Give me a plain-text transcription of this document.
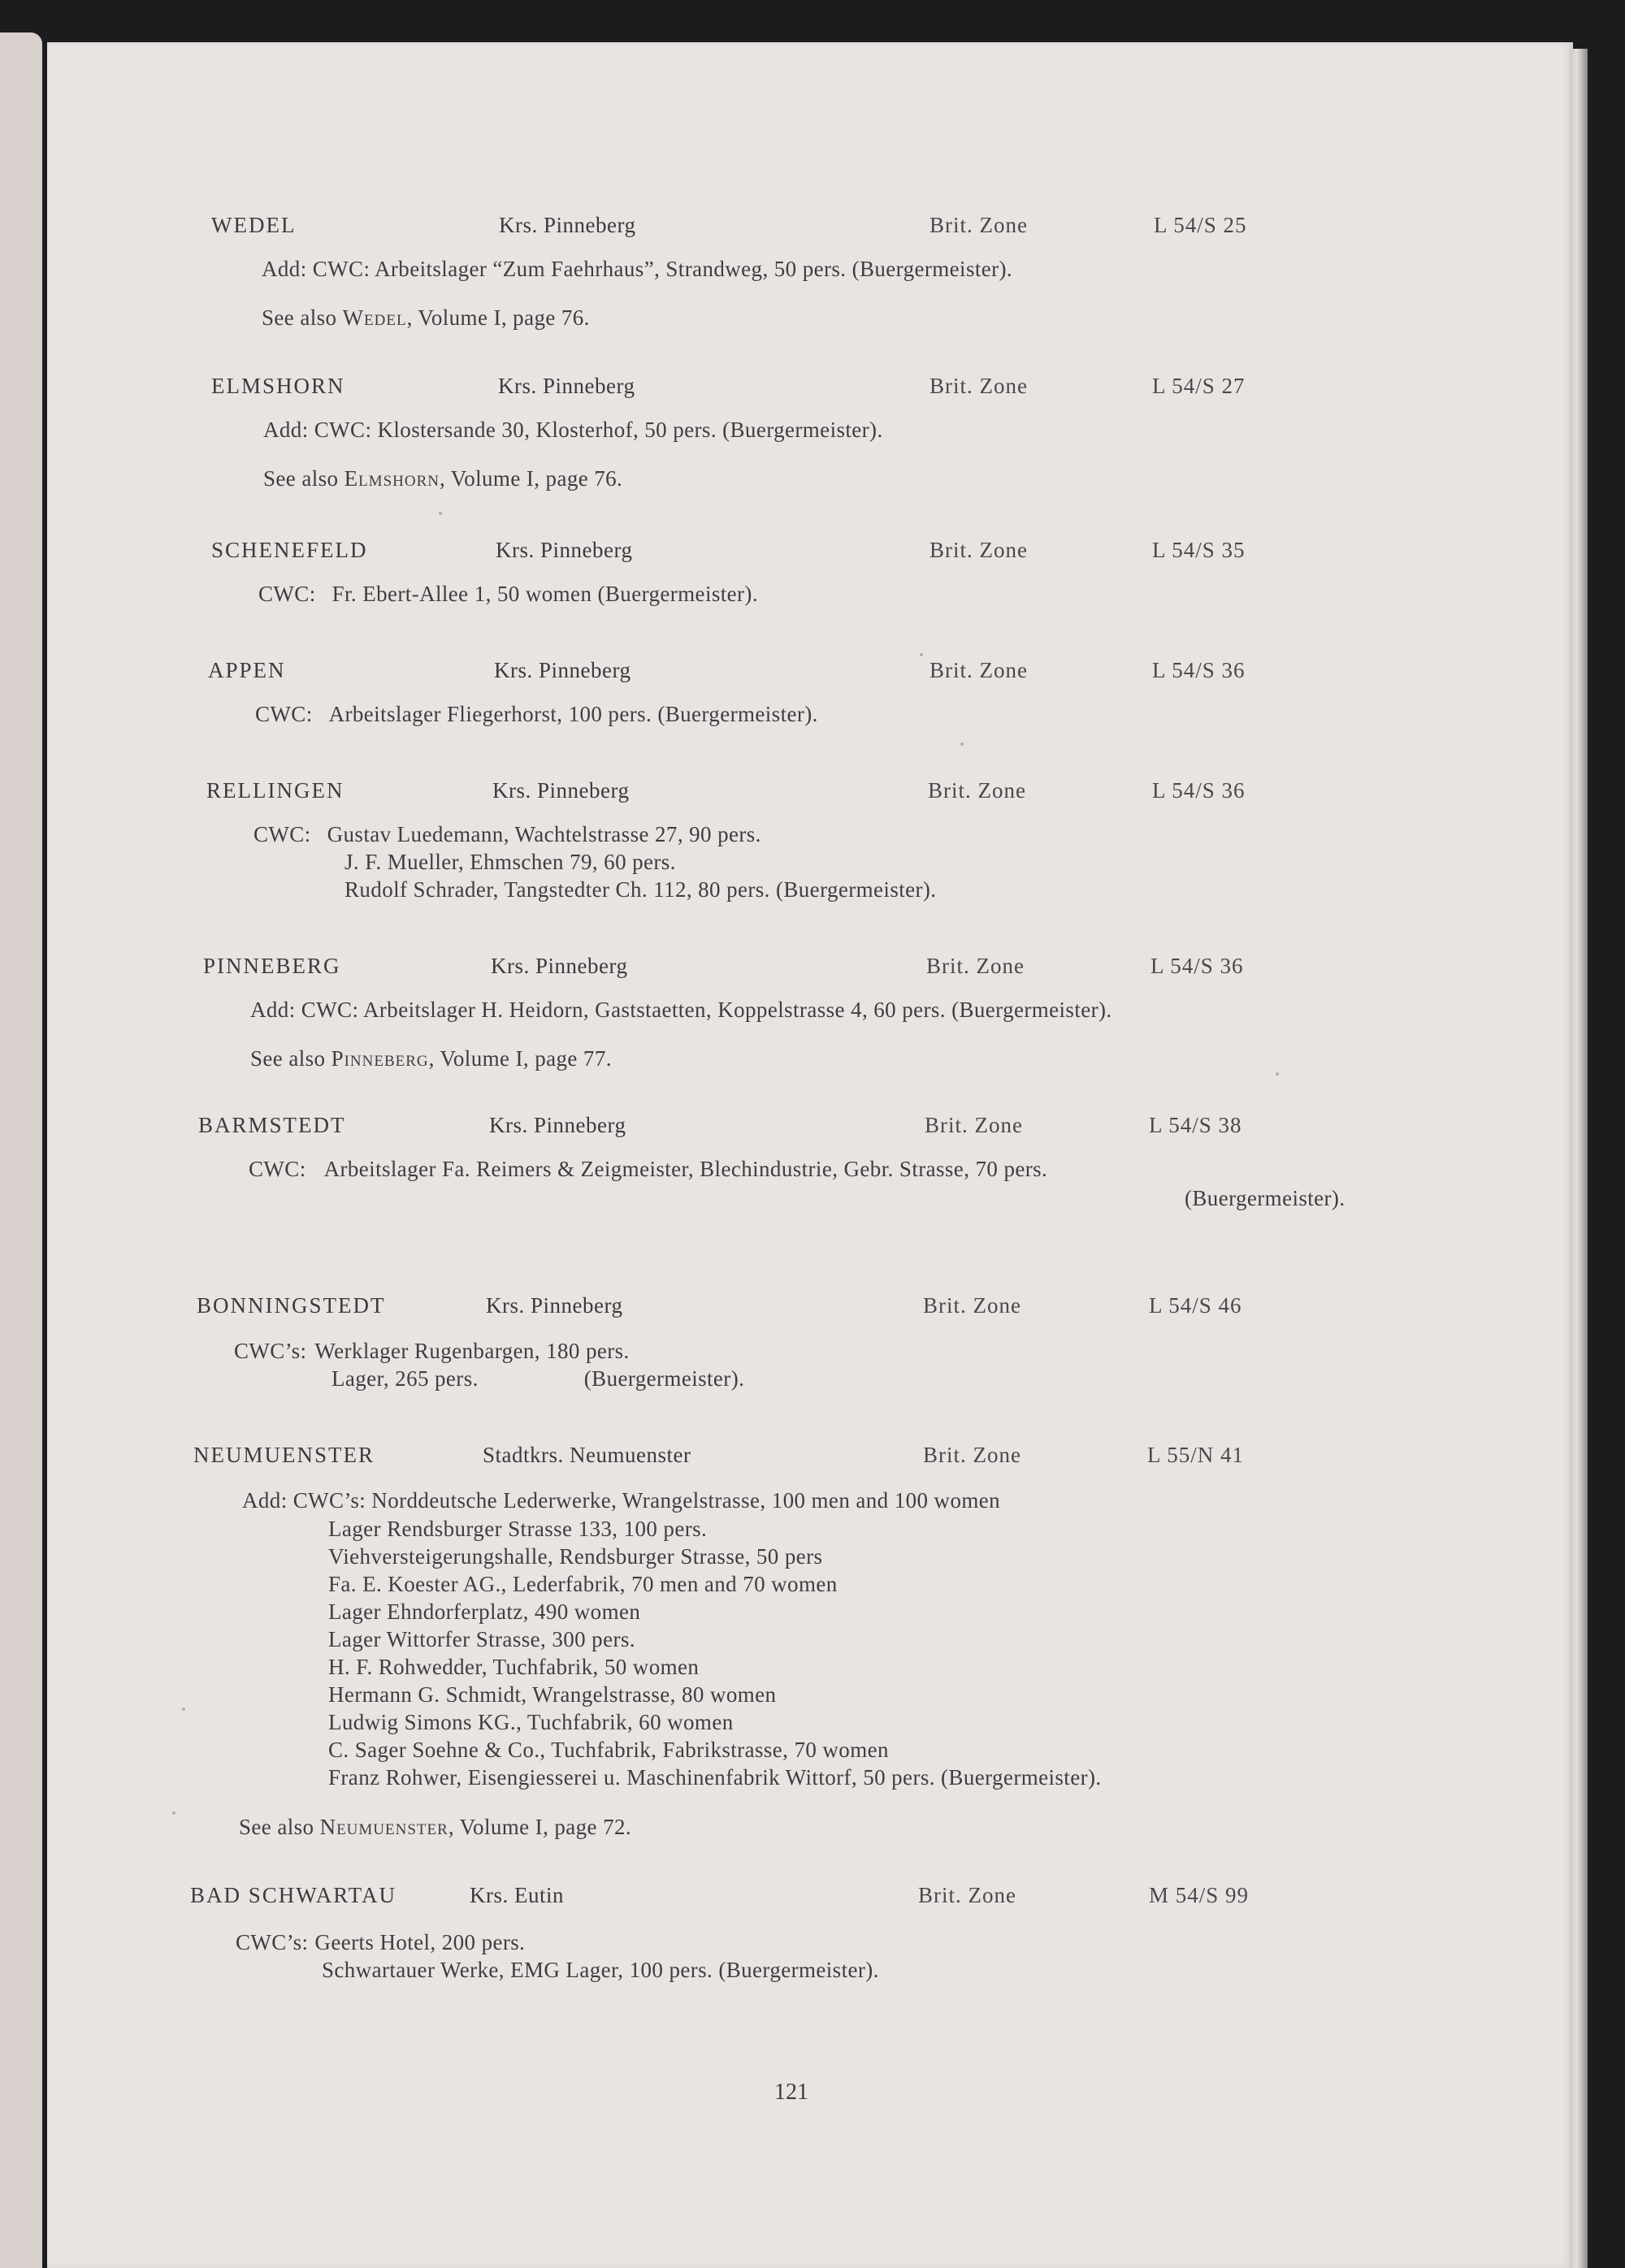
WEDEL	Krs. Pinneberg	Brit. Zone	L 54/S 25
Add: CWC: Arbeitslager “Zum Faehrhaus”, Strandweg, 50 pers. (Buergermeister).
See also Wedel, Volume I, page 76.
ELMSHORN	Krs. Pinneberg	Brit. Zone	L 54/S 27
Add: CWC: Klostersande 30, Klosterhof, 50 pers. (Buergermeister).
See also Elmshorn, Volume I, page 76.
SCHENEFELD	Krs. Pinneberg	Brit. Zone	L 54/S 35
CWC: Fr. Ebert-Allee 1, 50 women (Buergermeister).
APPEN	Krs. Pinneberg	Brit. Zone	L 54/S 36
CWC: Arbeitslager Fliegerhorst, 100 pers. (Buergermeister).
RELLINGEN	Krs. Pinneberg	Brit. Zone	L 54/S 36
CWC: Gustav Luedemann, Wachtelstrasse 27, 90 pers.
J. F. Mueller, Ehmschen 79, 60 pers.
Rudolf Schrader, Tangstedter Ch. 112, 80 pers. (Buergermeister).
PINNEBERG	Krs. Pinneberg	Brit. Zone	L 54/S 36
Add: CWC: Arbeitslager H. Heidorn, Gaststaetten, Koppelstrasse 4, 60 pers. (Buergermeister).
See also Pinneberg, Volume I, page 77.
BARMSTEDT	Krs. Pinneberg	Brit. Zone	L 54/S 38
CWC: Arbeitslager Fa. Reimers & Zeigmeister, Blechindustrie, Gebr. Strasse, 70 pers.
(Buergermeister).
BONNINGSTEDT	Krs. Pinneberg	Brit. Zone	L 54/S 46
CWC’s: Werklager Rugenbargen, 180 pers.
Lager, 265 pers.	(Buergermeister).
NEUMUENSTER	Stadtkrs. Neumuenster	Brit. Zone	L 55/N 41
Add: CWC’s: Norddeutsche Lederwerke, Wrangelstrasse, 100 men and 100 women
Lager Rendsburger Strasse 133, 100 pers.
Viehversteigerungshalle, Rendsburger Strasse, 50 pers
Fa. E. Koester AG., Lederfabrik, 70 men and 70 women
Lager Ehndorferplatz, 490 women
Lager Wittorfer Strasse, 300 pers.
H. F. Rohwedder, Tuchfabrik, 50 women
Hermann G. Schmidt, Wrangelstrasse, 80 women
Ludwig Simons KG., Tuchfabrik, 60 women
C. Sager Soehne & Co., Tuchfabrik, Fabrikstrasse, 70 women
Franz Rohwer, Eisengiesserei u. Maschinenfabrik Wittorf, 50 pers. (Buergermeister).
See also Neumuenster, Volume I, page 72.
BAD SCHWARTAU	Krs. Eutin	Brit. Zone	M 54/S 99
CWC’s: Geerts Hotel, 200 pers.
Schwartauer Werke, EMG Lager, 100 pers. (Buergermeister).
121
